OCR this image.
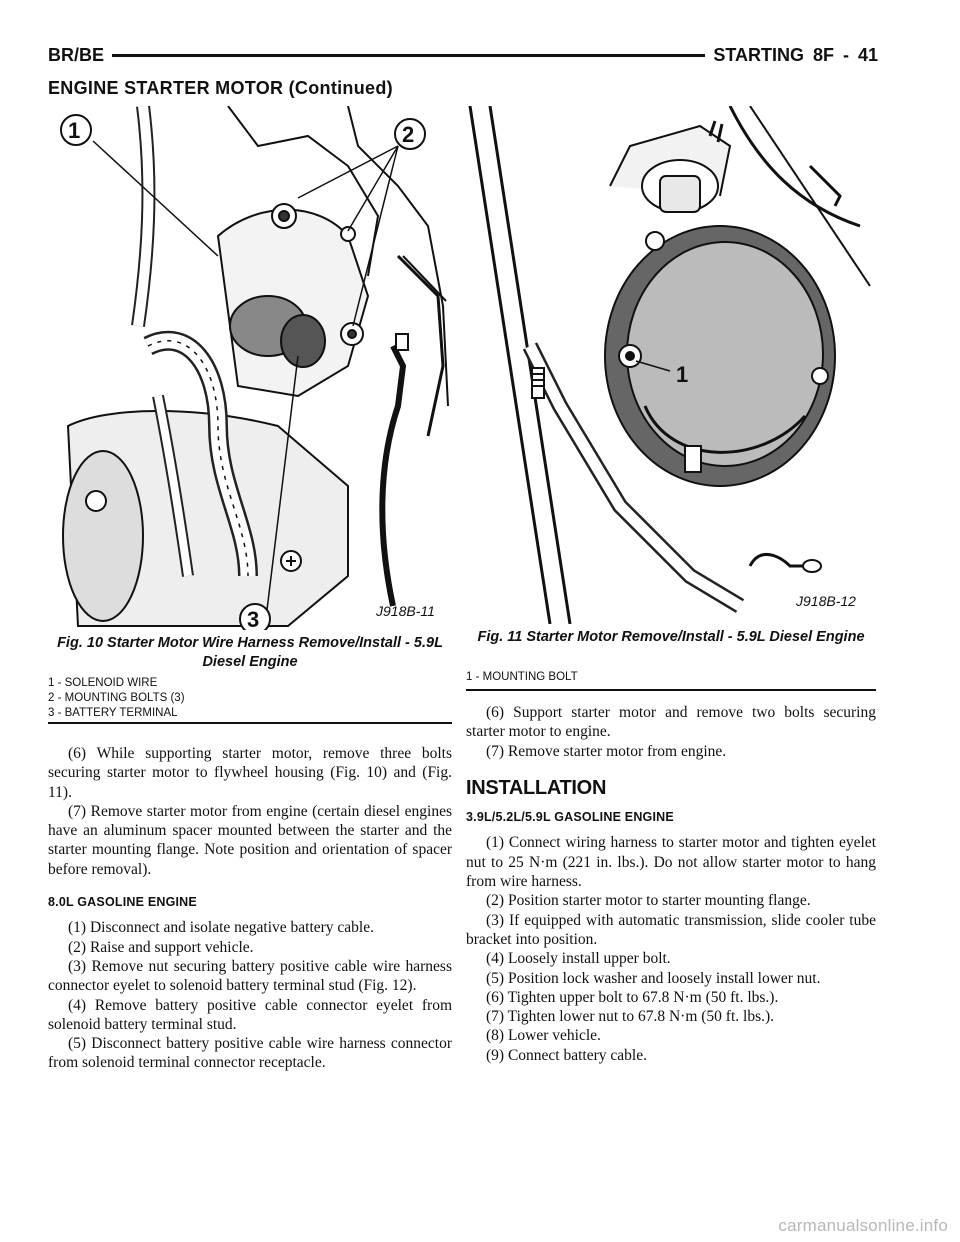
BR/BE	STARTING 8F - 41
ENGINE STARTER MOTOR (Continued)
1	2
3	J918B-11
1
J918B-12
Fig. 10 Starter Motor Wire Harness Remove/Install - 5.9L Diesel Engine
1 - SOLENOID WIRE
2 - MOUNTING BOLTS (3)
3 - BATTERY TERMINAL
Fig. 11 Starter Motor Remove/Install - 5.9L Diesel Engine
1 - MOUNTING BOLT

(6) While supporting starter motor, remove three bolts securing starter motor to flywheel housing (Fig. 10) and (Fig. 11).

(7) Remove starter motor from engine (certain diesel engines have an aluminum spacer mounted between the starter and the starter mounting flange. Note position and orientation of spacer before removal).

8.0L GASOLINE ENGINE

(1) Disconnect and isolate negative battery cable.

(2) Raise and support vehicle.

(3) Remove nut securing battery positive cable wire harness connector eyelet to solenoid battery terminal stud (Fig. 12).

(4) Remove battery positive cable connector eyelet from solenoid battery terminal stud.

(5) Disconnect battery positive cable wire harness connector from solenoid terminal connector receptacle.

(6) Support starter motor and remove two bolts securing starter motor to engine.

(7) Remove starter motor from engine.

INSTALLATION

3.9L/5.2L/5.9L GASOLINE ENGINE

(1) Connect wiring harness to starter motor and tighten eyelet nut to 25 N·m (221 in. lbs.). Do not allow starter motor to hang from wire harness.

(2) Position starter motor to starter mounting flange.

(3) If equipped with automatic transmission, slide cooler tube bracket into position.

(4) Loosely install upper bolt.

(5) Position lock washer and loosely install lower nut.

(6) Tighten upper bolt to 67.8 N·m (50 ft. lbs.).

(7) Tighten lower nut to 67.8 N·m (50 ft. lbs.).

(8) Lower vehicle.

(9) Connect battery cable.

carmanualsonline.info
